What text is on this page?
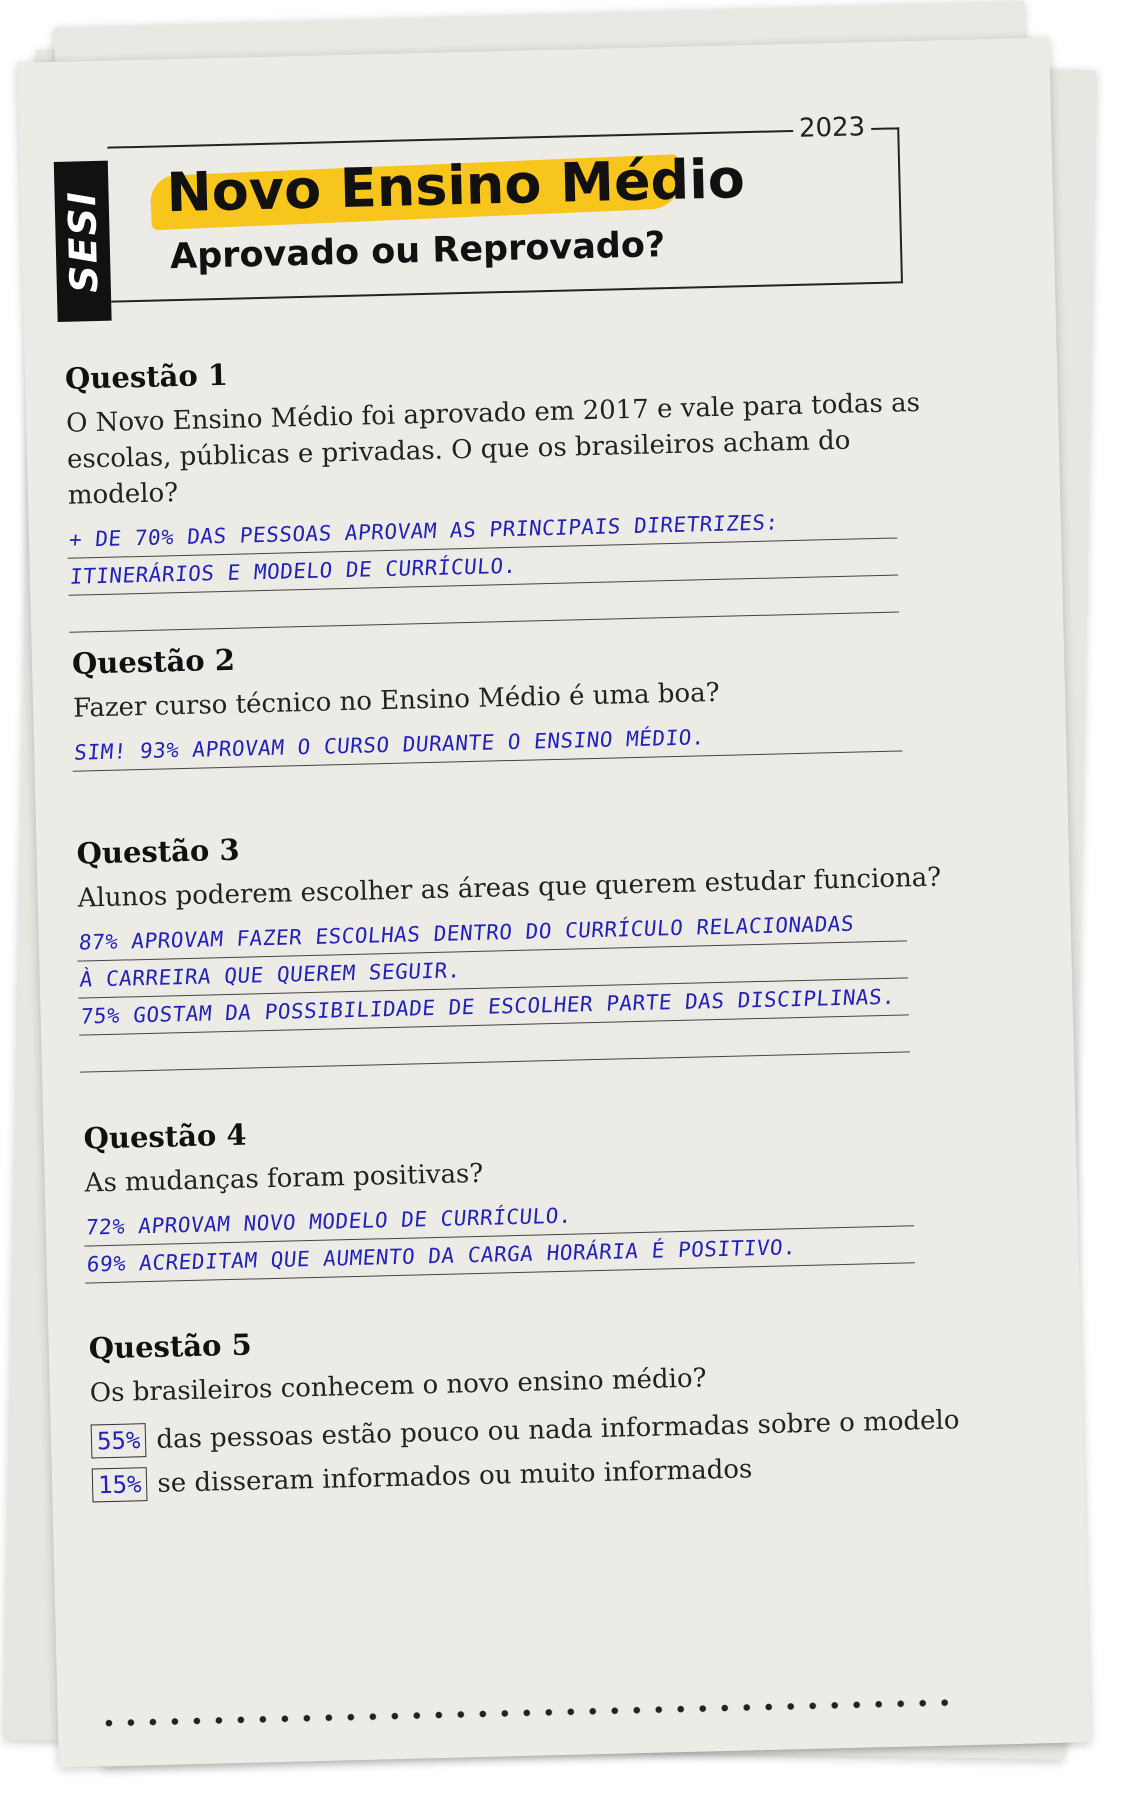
SESI
2023
Novo Ensino Médio
Aprovado ou Reprovado?

Questão 1

O Novo Ensino Médio foi aprovado em 2017 e vale para todas as escolas, públicas e privadas. O que os brasileiros acham do modelo?

+ DE 70% DAS PESSOAS APROVAM AS PRINCIPAIS DIRETRIZES:
ITINERÁRIOS E MODELO DE CURRÍCULO.

Questão 2

Fazer curso técnico no Ensino Médio é uma boa?

SIM! 93% APROVAM O CURSO DURANTE O ENSINO MÉDIO.

Questão 3

Alunos poderem escolher as áreas que querem estudar funciona?

87% APROVAM FAZER ESCOLHAS DENTRO DO CURRÍCULO RELACIONADAS
À CARREIRA QUE QUEREM SEGUIR.
75% GOSTAM DA POSSIBILIDADE DE ESCOLHER PARTE DAS DISCIPLINAS.

Questão 4

As mudanças foram positivas?

72% APROVAM NOVO MODELO DE CURRÍCULO.
69% ACREDITAM QUE AUMENTO DA CARGA HORÁRIA É POSITIVO.

Questão 5

Os brasileiros conhecem o novo ensino médio?

55% das pessoas estão pouco ou nada informadas sobre o modelo
15% se disseram informados ou muito informados
